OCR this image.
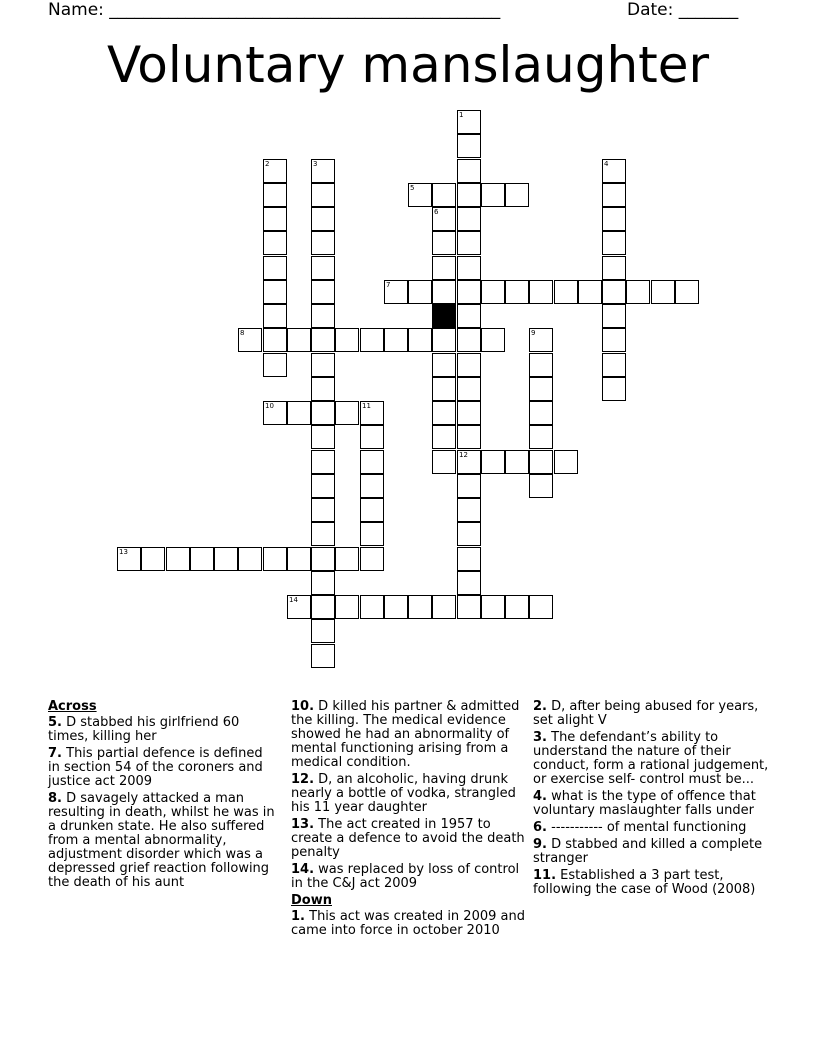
Name: ______________________________________________	Date: _______
Voluntary manslaughter
1
12
2	3	4
5
6
7
8	9
10	11
13
14
Across
5. D stabbed his girlfriend 60 times, killing her
7. This partial defence is defined in section 54 of the coroners and justice act 2009
8. D savagely attacked a man resulting in death, whilst he was in a drunken state. He also suffered from a mental abnormality, adjustment disorder which was a depressed grief reaction following the death of his aunt
10. D killed his partner & admitted the killing. The medical evidence showed he had an abnormality of mental functioning arising from a medical condition.
12. D, an alcoholic, having drunk nearly a bottle of vodka, strangled his 11 year daughter
13. The act created in 1957 to create a defence to avoid the death penalty
14. was replaced by loss of control in the C&J act 2009
Down
1. This act was created in 2009 and came into force in october 2010
2. D, after being abused for years, set alight V
3. The defendant’s ability to understand the nature of their conduct, form a rational judgement, or exercise self- control must be...
4. what is the type of offence that voluntary maslaughter falls under
6. ----------- of mental functioning
9. D stabbed and killed a complete stranger
11. Established a 3 part test, following the case of Wood (2008)
